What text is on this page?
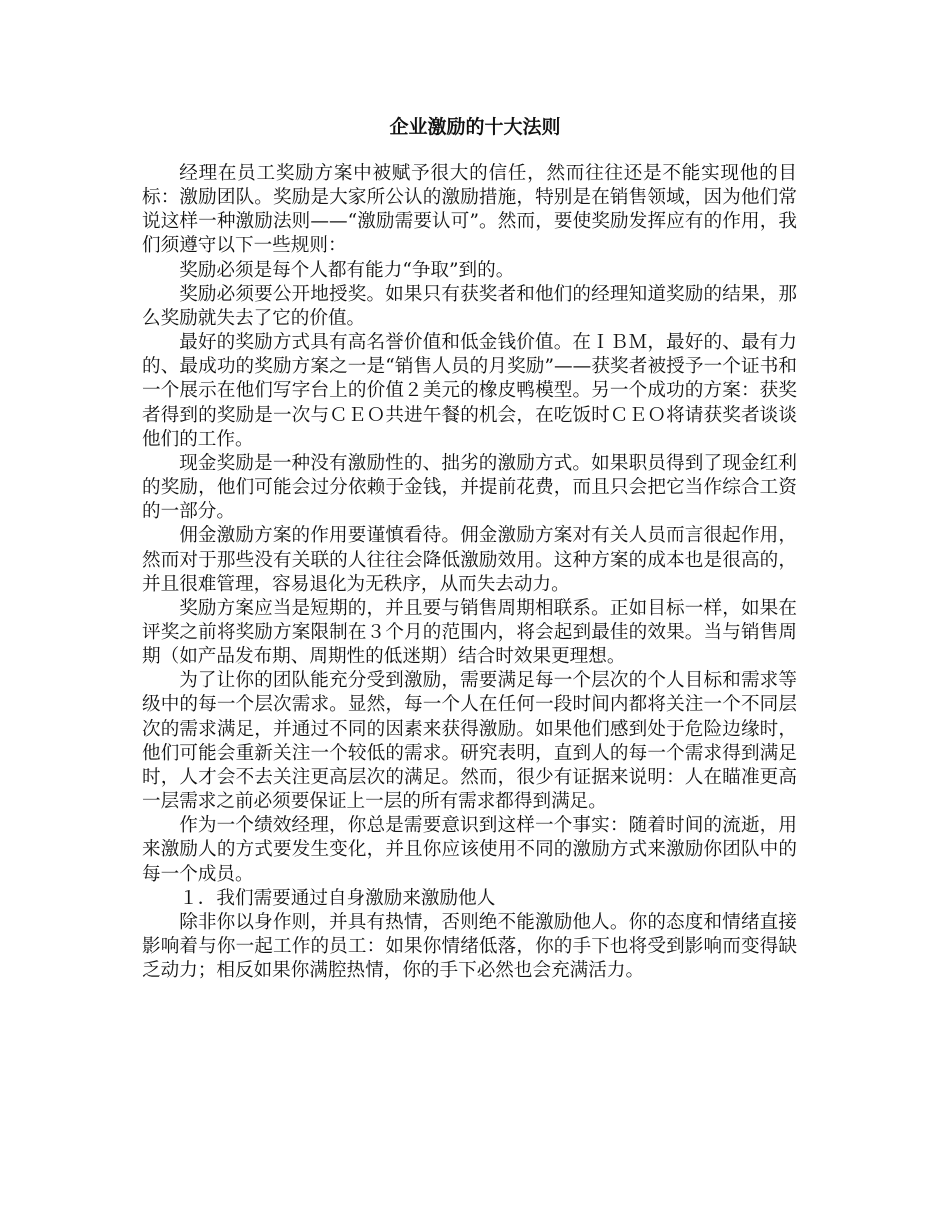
企业激励的十大法则

经理在员工奖励方案中被赋予很大的信任，然而往往还是不能实现他的目标：激励团队。奖励是大家所公认的激励措施，特别是在销售领域，因为他们常说这样一种激励法则——“激励需要认可”。然而，要使奖励发挥应有的作用，我们须遵守以下一些规则：

奖励必须是每个人都有能力“争取”到的。

奖励必须要公开地授奖。如果只有获奖者和他们的经理知道奖励的结果，那么奖励就失去了它的价值。

最好的奖励方式具有高名誉价值和低金钱价值。在ＩＢＭ，最好的、最有力的、最成功的奖励方案之一是“销售人员的月奖励”——获奖者被授予一个证书和一个展示在他们写字台上的价值２美元的橡皮鸭模型。另一个成功的方案：获奖者得到的奖励是一次与ＣＥＯ共进午餐的机会，在吃饭时ＣＥＯ将请获奖者谈谈他们的工作。

现金奖励是一种没有激励性的、拙劣的激励方式。如果职员得到了现金红利的奖励，他们可能会过分依赖于金钱，并提前花费，而且只会把它当作综合工资的一部分。

佣金激励方案的作用要谨慎看待。佣金激励方案对有关人员而言很起作用，然而对于那些没有关联的人往往会降低激励效用。这种方案的成本也是很高的，并且很难管理，容易退化为无秩序，从而失去动力。

奖励方案应当是短期的，并且要与销售周期相联系。正如目标一样，如果在评奖之前将奖励方案限制在３个月的范围内，将会起到最佳的效果。当与销售周期（如产品发布期、周期性的低迷期）结合时效果更理想。

为了让你的团队能充分受到激励，需要满足每一个层次的个人目标和需求等级中的每一个层次需求。显然，每一个人在任何一段时间内都将关注一个不同层次的需求满足，并通过不同的因素来获得激励。如果他们感到处于危险边缘时，他们可能会重新关注一个较低的需求。研究表明，直到人的每一个需求得到满足时，人才会不去关注更高层次的满足。然而，很少有证据来说明：人在瞄准更高一层需求之前必须要保证上一层的所有需求都得到满足。

作为一个绩效经理，你总是需要意识到这样一个事实：随着时间的流逝，用来激励人的方式要发生变化，并且你应该使用不同的激励方式来激励你团队中的每一个成员。

１．我们需要通过自身激励来激励他人

除非你以身作则，并具有热情，否则绝不能激励他人。你的态度和情绪直接影响着与你一起工作的员工：如果你情绪低落，你的手下也将受到影响而变得缺乏动力；相反如果你满腔热情，你的手下必然也会充满活力。
